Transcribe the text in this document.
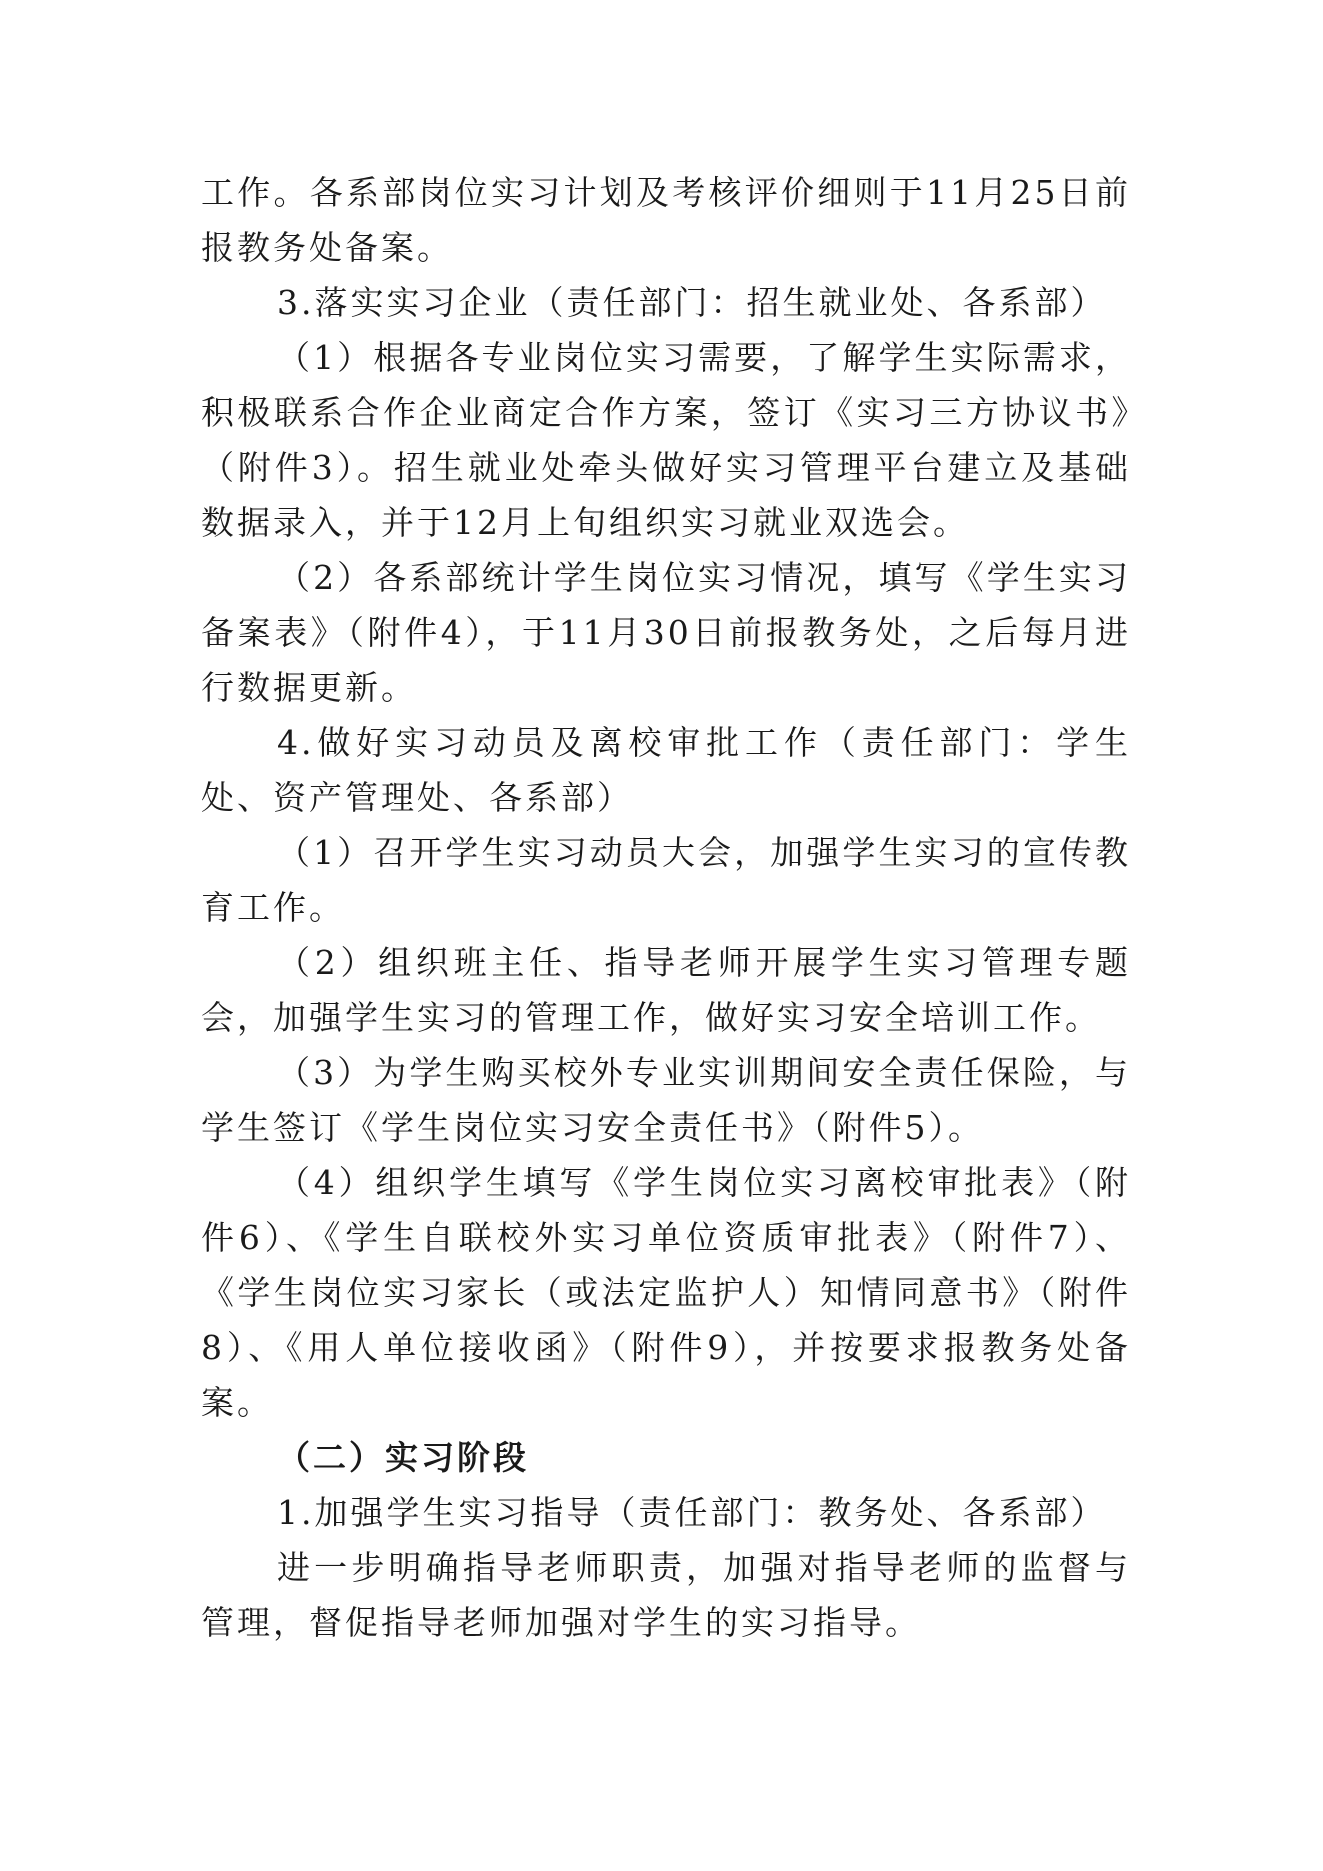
工作。各系部岗位实习计划及考核评价细则于11月25日前报教务处备案。

3.落实实习企业（责任部门：招生就业处、各系部）

（1）根据各专业岗位实习需要，了解学生实际需求，积极联系合作企业商定合作方案，签订《实习三方协议书》（附件3）。招生就业处牵头做好实习管理平台建立及基础数据录入，并于12月上旬组织实习就业双选会。

（2）各系部统计学生岗位实习情况，填写《学生实习备案表》（附件4），于11月30日前报教务处，之后每月进行数据更新。

4.做好实习动员及离校审批工作（责任部门：学生处、资产管理处、各系部）

（1）召开学生实习动员大会，加强学生实习的宣传教育工作。

（2）组织班主任、指导老师开展学生实习管理专题会，加强学生实习的管理工作，做好实习安全培训工作。

（3）为学生购买校外专业实训期间安全责任保险，与学生签订《学生岗位实习安全责任书》（附件5）。

（4）组织学生填写《学生岗位实习离校审批表》（附件6）、《学生自联校外实习单位资质审批表》（附件7）、《学生岗位实习家长（或法定监护人）知情同意书》（附件8）、《用人单位接收函》（附件9），并按要求报教务处备案。

（二）实习阶段

1.加强学生实习指导（责任部门：教务处、各系部）

进一步明确指导老师职责，加强对指导老师的监督与管理，督促指导老师加强对学生的实习指导。
